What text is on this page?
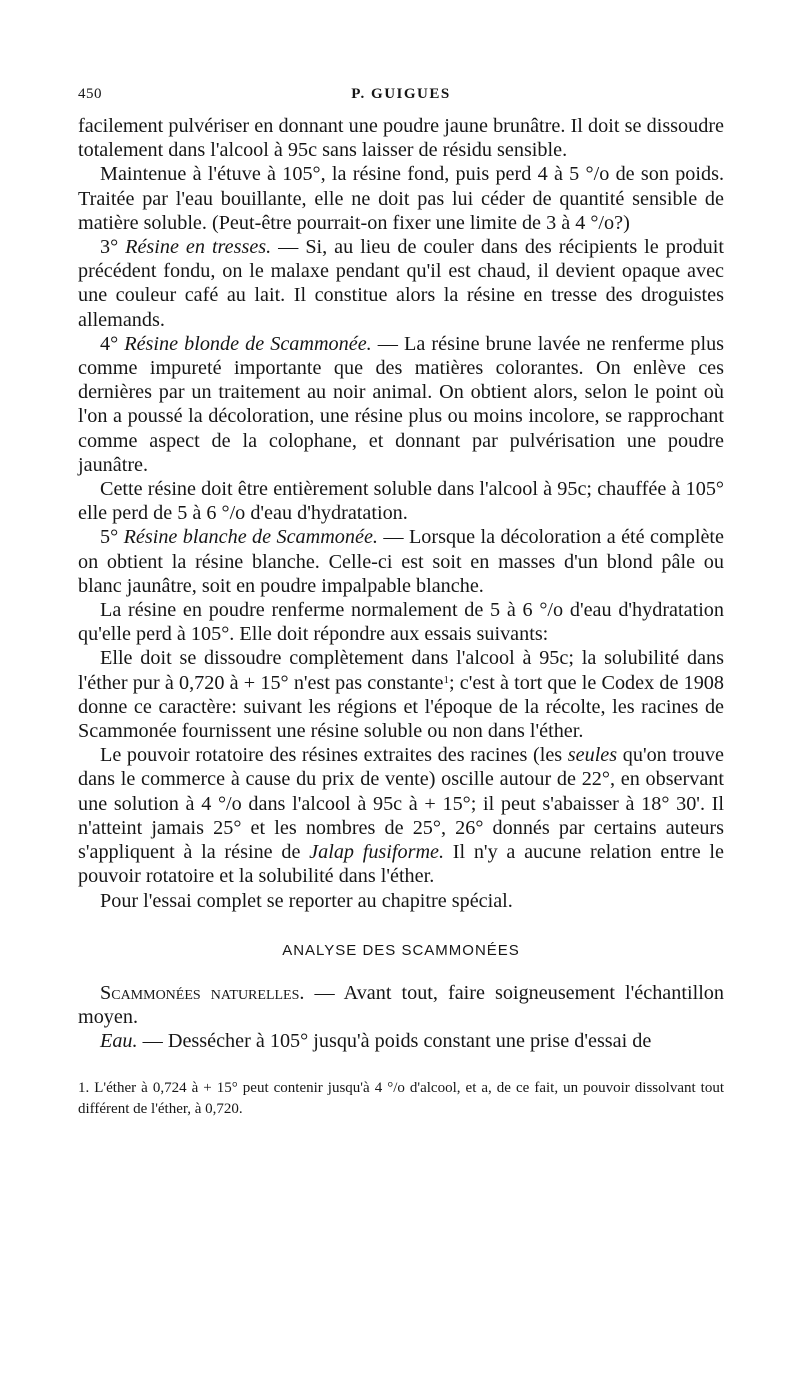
450	P. GUIGUES

facilement pulvériser en donnant une poudre jaune brunâtre. Il doit se dissoudre totalement dans l'alcool à 95c sans laisser de résidu sensible.

Maintenue à l'étuve à 105°, la résine fond, puis perd 4 à 5 °/o de son poids. Traitée par l'eau bouillante, elle ne doit pas lui céder de quantité sensible de matière soluble. (Peut-être pourrait-on fixer une limite de 3 à 4 °/o?)

3° Résine en tresses. — Si, au lieu de couler dans des récipients le produit précédent fondu, on le malaxe pendant qu'il est chaud, il devient opaque avec une couleur café au lait. Il constitue alors la résine en tresse des droguistes allemands.

4° Résine blonde de Scammonée. — La résine brune lavée ne renferme plus comme impureté importante que des matières colorantes. On enlève ces dernières par un traitement au noir animal. On obtient alors, selon le point où l'on a poussé la décoloration, une résine plus ou moins incolore, se rapprochant comme aspect de la colophane, et donnant par pulvérisation une poudre jaunâtre.

Cette résine doit être entièrement soluble dans l'alcool à 95c; chauffée à 105° elle perd de 5 à 6 °/o d'eau d'hydratation.

5° Résine blanche de Scammonée. — Lorsque la décoloration a été complète on obtient la résine blanche. Celle-ci est soit en masses d'un blond pâle ou blanc jaunâtre, soit en poudre impalpable blanche.

La résine en poudre renferme normalement de 5 à 6 °/o d'eau d'hydratation qu'elle perd à 105°. Elle doit répondre aux essais suivants:

Elle doit se dissoudre complètement dans l'alcool à 95c; la solubilité dans l'éther pur à 0,720 à + 15° n'est pas constante$^1$; c'est à tort que le Codex de 1908 donne ce caractère: suivant les régions et l'époque de la récolte, les racines de Scammonée fournissent une résine soluble ou non dans l'éther.

Le pouvoir rotatoire des résines extraites des racines (les seules qu'on trouve dans le commerce à cause du prix de vente) oscille autour de 22°, en observant une solution à 4 °/o dans l'alcool à 95c à + 15°; il peut s'abaisser à 18° 30'. Il n'atteint jamais 25° et les nombres de 25°, 26° donnés par certains auteurs s'appliquent à la résine de Jalap fusiforme. Il n'y a aucune relation entre le pouvoir rotatoire et la solubilité dans l'éther.

Pour l'essai complet se reporter au chapitre spécial.

ANALYSE DES SCAMMONÉES

Scammonées naturelles. — Avant tout, faire soigneusement l'échantillon moyen.

Eau. — Dessécher à 105° jusqu'à poids constant une prise d'essai de

1. L'éther à 0,724 à + 15° peut contenir jusqu'à 4 °/o d'alcool, et a, de ce fait, un pouvoir dissolvant tout différent de l'éther, à 0,720.
